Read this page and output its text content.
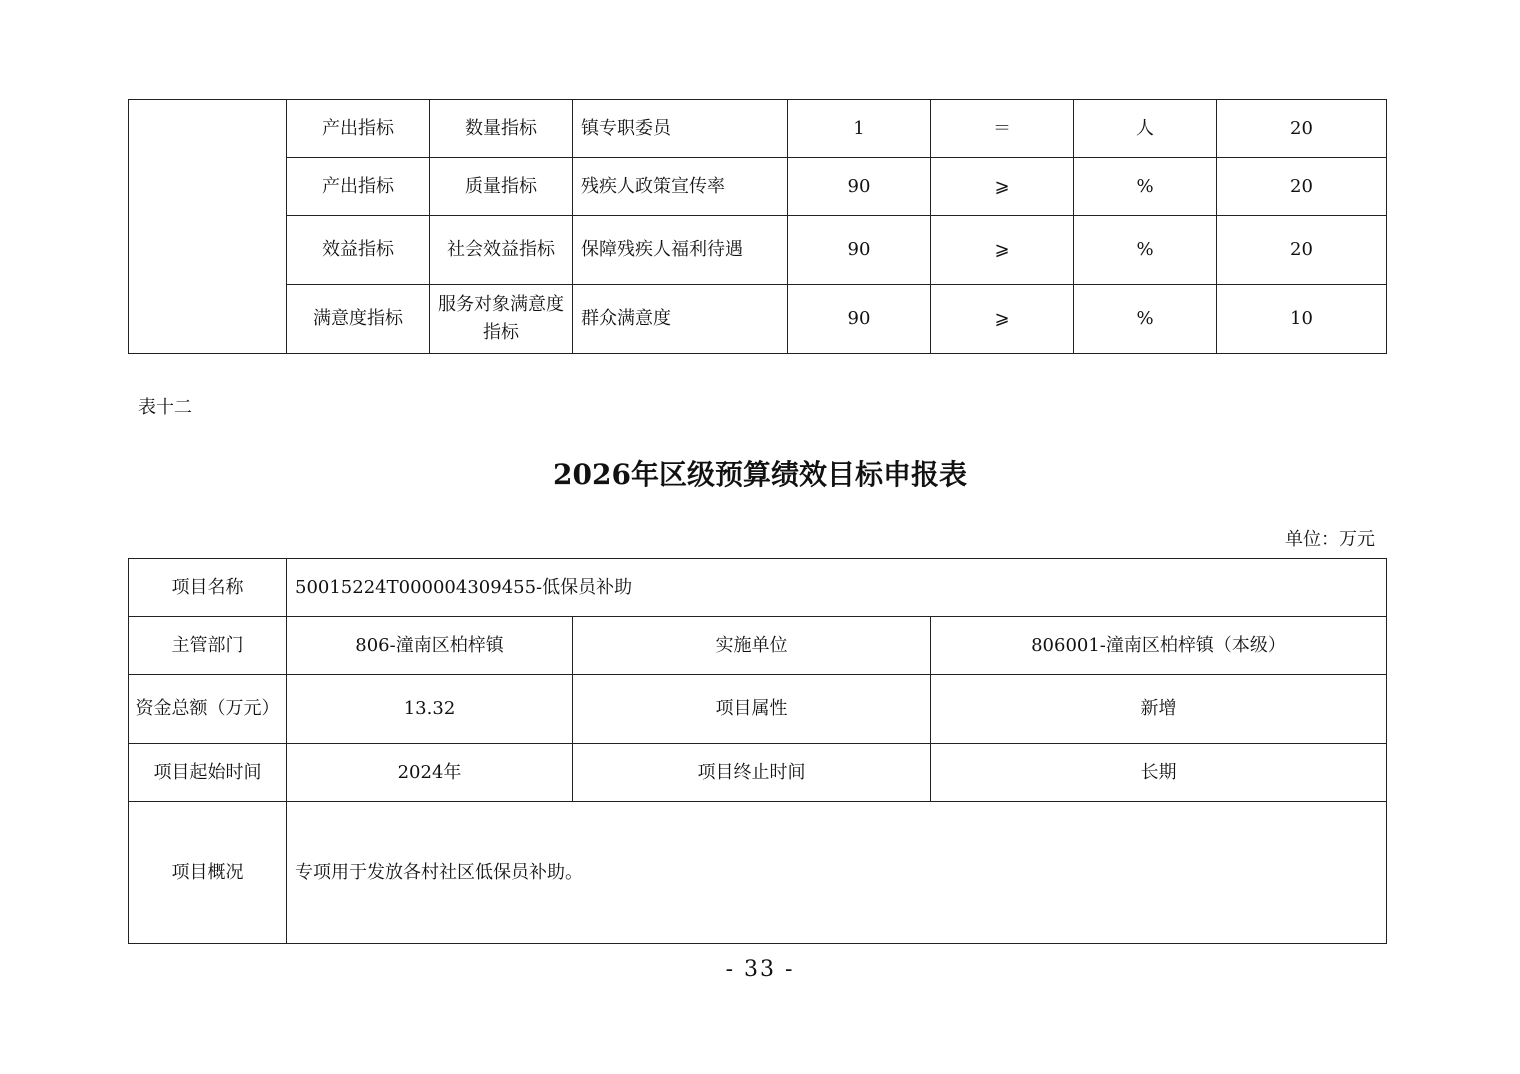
	产出指标	数量指标	镇专职委员	1	＝	人	20
	产出指标	质量指标	残疾人政策宣传率	90	⩾	%	20
	效益指标	社会效益指标	保障残疾人福利待遇	90	⩾	%	20
	满意度指标	服务对象满意度指标	群众满意度	90	⩾	%	10
表十二
2026年区级预算绩效目标申报表
单位：万元
项目名称	50015224T000004309455-低保员补助		
主管部门	806-潼南区柏梓镇	实施单位	806001-潼南区柏梓镇（本级）
资金总额（万元）	13.32	项目属性	新增
项目起始时间	2024年	项目终止时间	长期
项目概况	专项用于发放各村社区低保员补助。		
- 33 -
